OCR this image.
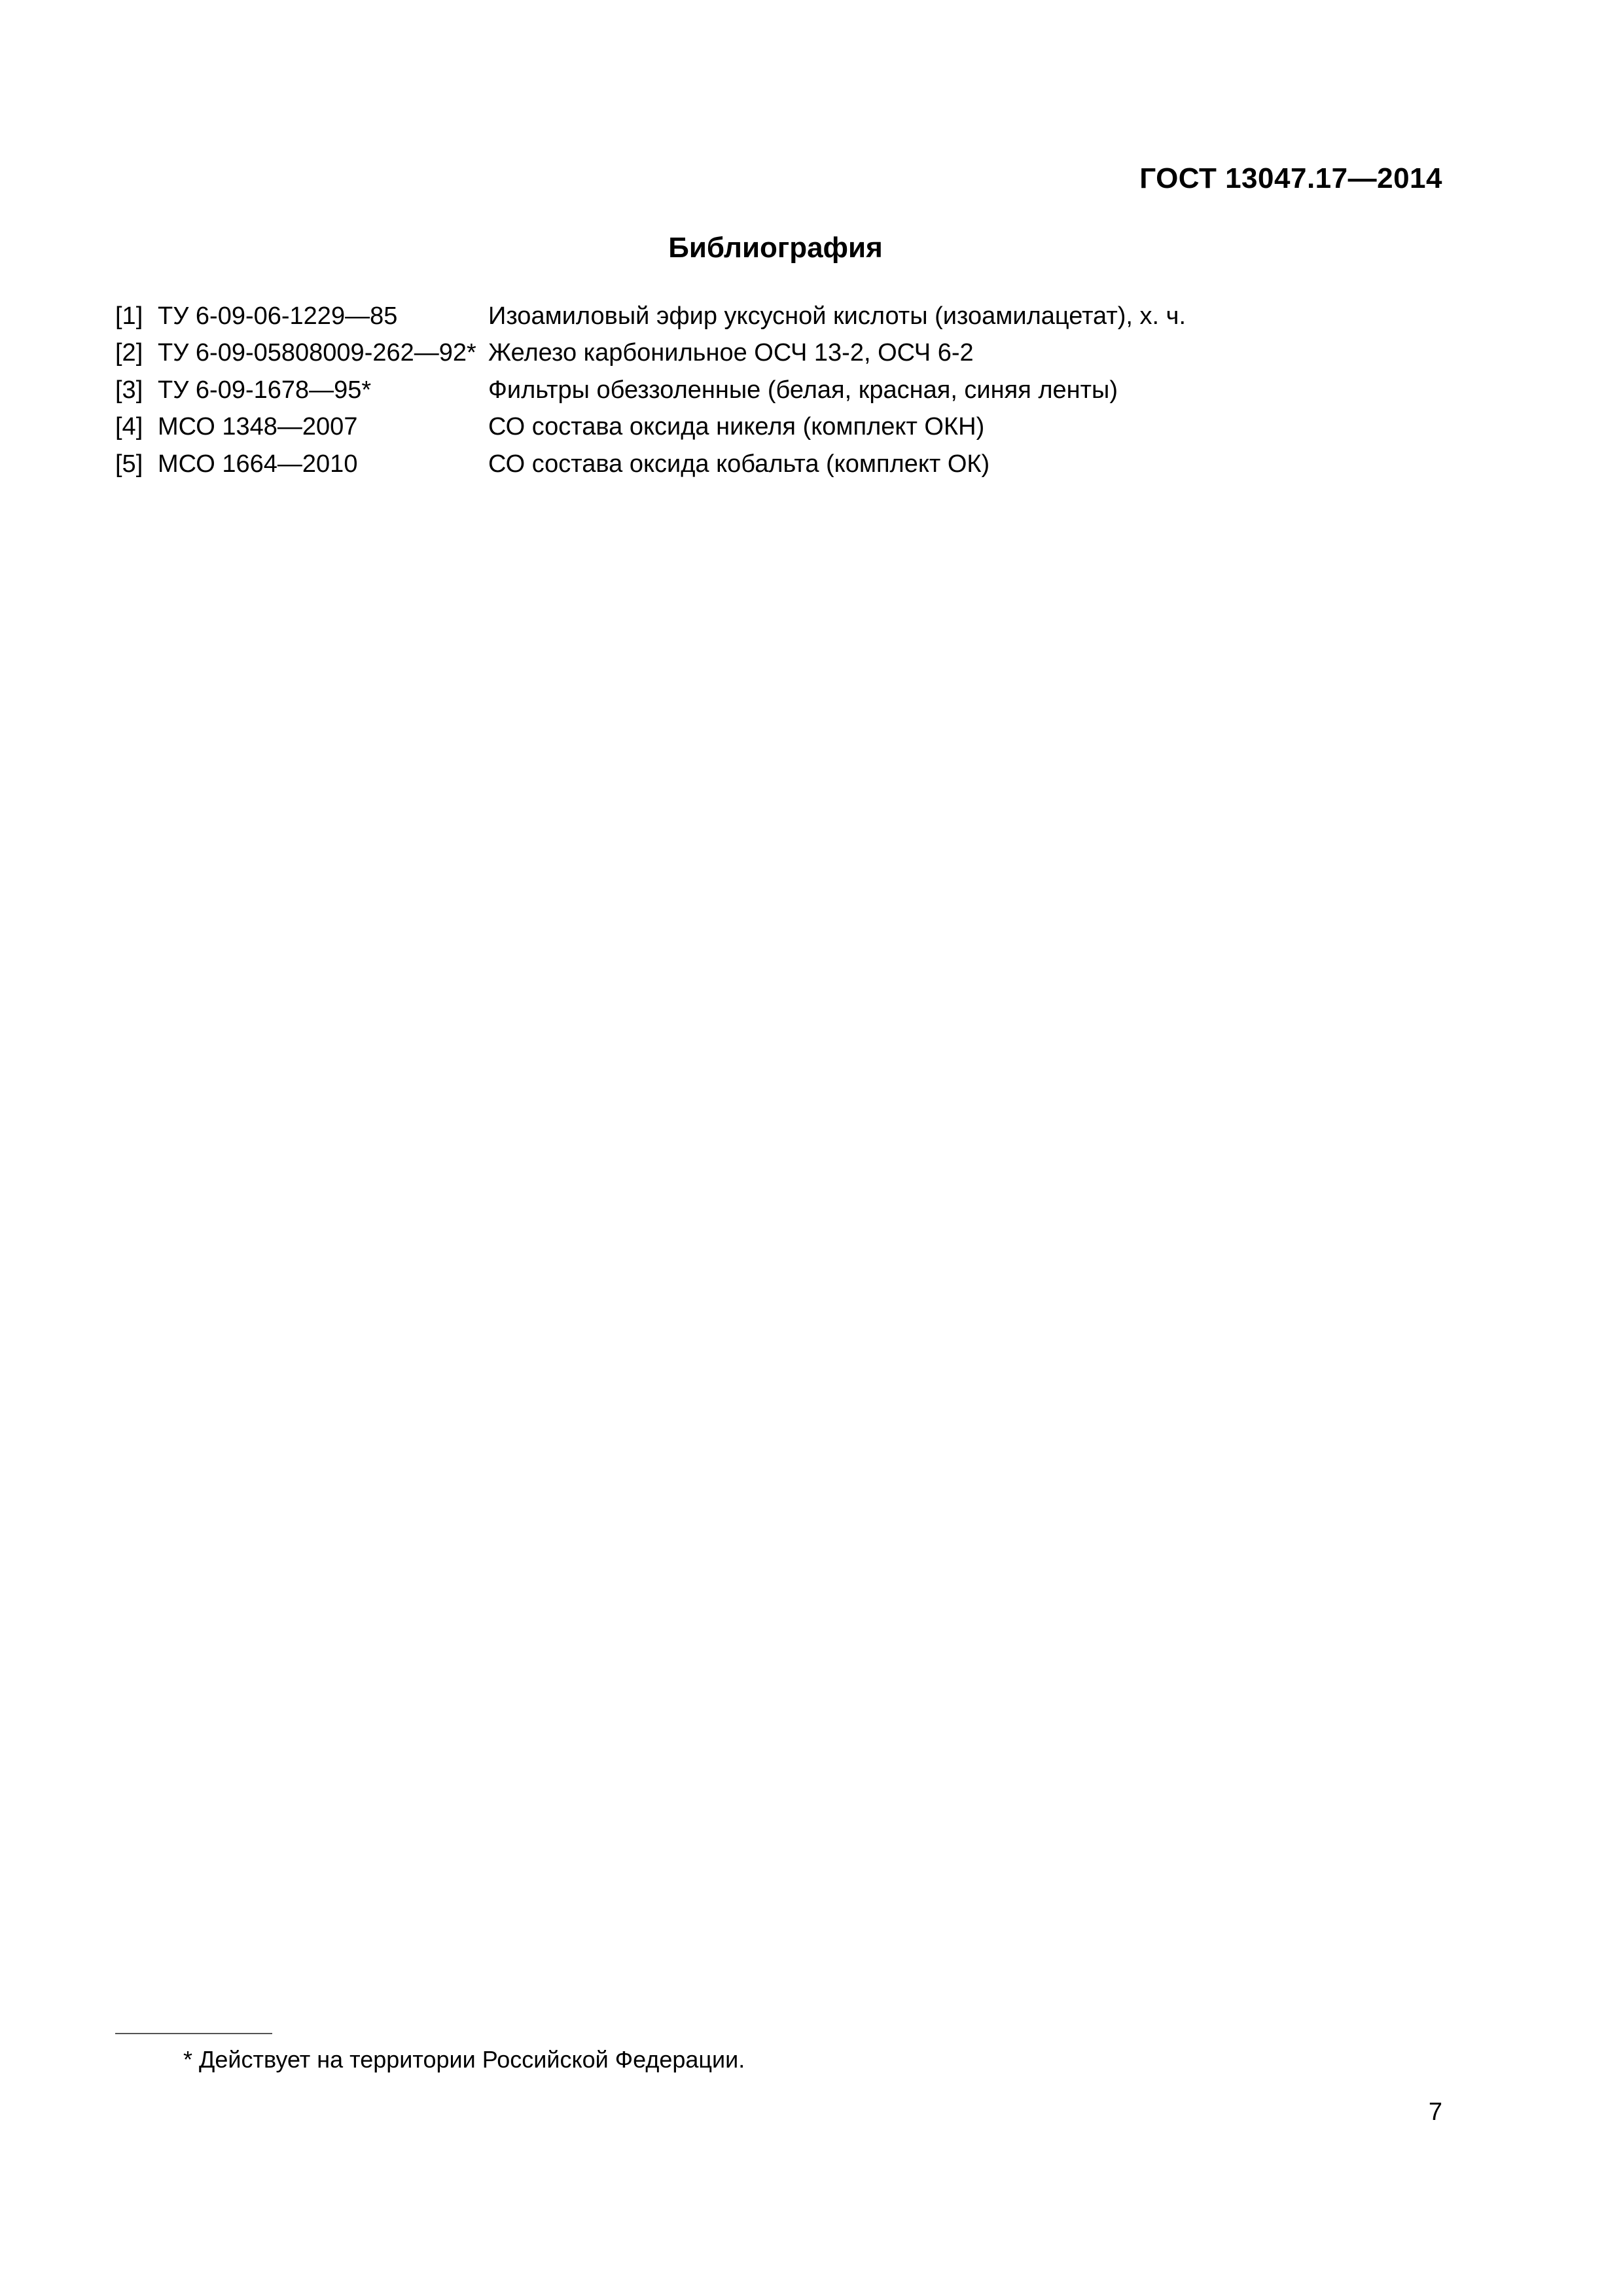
ГОСТ 13047.17—2014
Библиография
[1] ТУ 6-09-06-1229—85	Изоамиловый эфир уксусной кислоты (изоамилацетат), х. ч.
[2] ТУ 6-09-05808009-262—92* Железо карбонильное ОСЧ 13-2, ОСЧ 6-2
[3] ТУ 6-09-1678—95*	Фильтры обеззоленные (белая, красная, синяя ленты)
[4] МСО 1348—2007	СО состава оксида никеля (комплект ОКН)
[5] МСО 1664—2010	СО состава оксида кобальта (комплект ОК)
* Действует на территории Российской Федерации.
7
